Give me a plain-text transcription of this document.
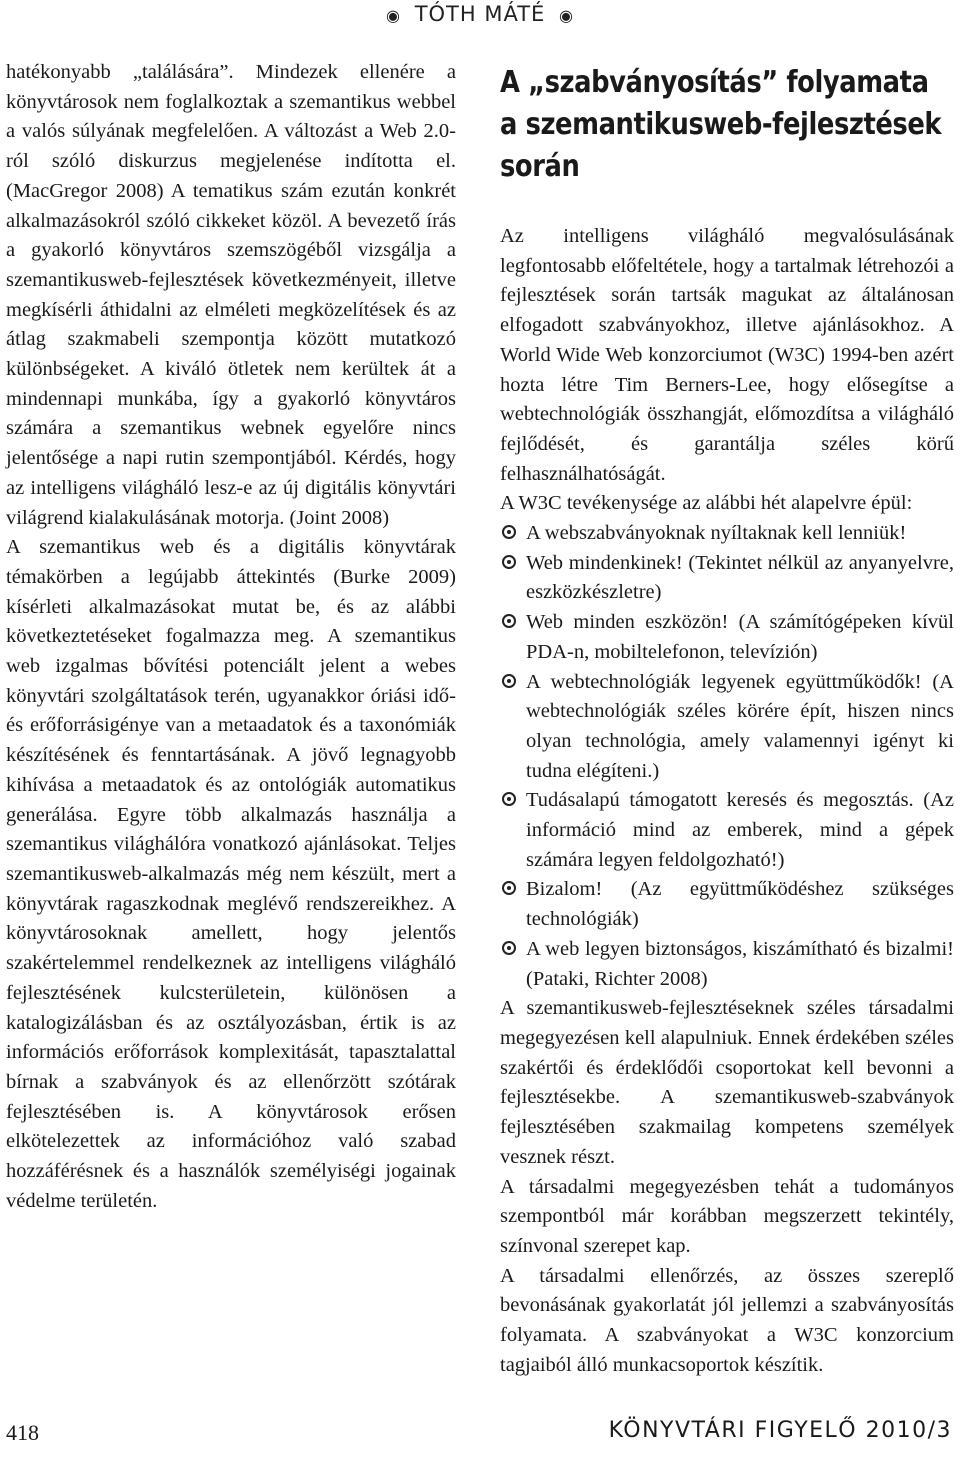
◉ TÓTH MÁTÉ ◉

hatékonyabb „találására”. Mindezek ellenére a könyvtárosok nem foglalkoztak a szemantikus webbel a valós súlyának megfelelően. A változást a Web 2.0-ról szóló diskurzus megjelenése indította el. (MacGregor 2008) A tematikus szám ezután konkrét alkalmazásokról szóló cikkeket közöl. A bevezető írás a gyakorló könyvtáros szemszögéből vizsgálja a szemantikusweb-fejlesztések következményeit, illetve megkísérli áthidalni az elméleti megközelítések és az átlag szakmabeli szempontja között mutatkozó különbségeket. A kiváló ötletek nem kerültek át a mindennapi munkába, így a gyakorló könyvtáros számára a szemantikus webnek egyelőre nincs jelentősége a napi rutin szempontjából. Kérdés, hogy az intelligens világháló lesz-e az új digitális könyvtári világrend kialakulásának motorja. (Joint 2008)

A szemantikus web és a digitális könyvtárak témakörben a legújabb áttekintés (Burke 2009) kísérleti alkalmazásokat mutat be, és az alábbi következtetéseket fogalmazza meg. A szemantikus web izgalmas bővítési potenciált jelent a webes könyvtári szolgáltatások terén, ugyanakkor óriási idő- és erőforrásigénye van a metaadatok és a taxonómiák készítésének és fenntartásának. A jövő legnagyobb kihívása a metaadatok és az ontológiák automatikus generálása. Egyre több alkalmazás használja a szemantikus világhálóra vonatkozó ajánlásokat. Teljes szemantikusweb-alkalmazás még nem készült, mert a könyvtárak ragaszkodnak meglévő rendszereikhez. A könyvtárosoknak amellett, hogy jelentős szakértelemmel rendelkeznek az intelligens világháló fejlesztésének kulcsterületein, különösen a katalogizálásban és az osztályozásban, értik is az információs erőforrások komplexitását, tapasztalattal bírnak a szabványok és az ellenőrzött szótárak fejlesztésében is. A könyvtárosok erősen elkötelezettek az információhoz való szabad hozzáférésnek és a használók személyiségi jogainak védelme területén.

A „szabványosítás” folyamata a szemantikusweb-fejlesztések során

Az intelligens világháló megvalósulásának legfontosabb előfeltétele, hogy a tartalmak létrehozói a fejlesztések során tartsák magukat az általánosan elfogadott szabványokhoz, illetve ajánlásokhoz. A World Wide Web konzorciumot (W3C) 1994-ben azért hozta létre Tim Berners-Lee, hogy elősegítse a webtechnológiák összhangját, előmozdítsa a világháló fejlődését, és garantálja széles körű felhasználhatóságát.

A W3C tevékenysége az alábbi hét alapelvre épül:

A webszabványoknak nyíltaknak kell lenniük!
Web mindenkinek! (Tekintet nélkül az anyanyelvre, eszközkészletre)
Web minden eszközön! (A számítógépeken kívül PDA-n, mobiltelefonon, televízión)
A webtechnológiák legyenek együttműködők! (A webtechnológiák széles körére épít, hiszen nincs olyan technológia, amely valamennyi igényt ki tudna elégíteni.)
Tudásalapú támogatott keresés és megosztás. (Az információ mind az emberek, mind a gépek számára legyen feldolgozható!)
Bizalom! (Az együttműködéshez szükséges technológiák)
A web legyen biztonságos, kiszámítható és bizalmi! (Pataki, Richter 2008)

A szemantikusweb-fejlesztéseknek széles társadalmi megegyezésen kell alapulniuk. Ennek érdekében széles szakértői és érdeklődői csoportokat kell bevonni a fejlesztésekbe. A szemantikusweb-szabványok fejlesztésében szakmailag kompetens személyek vesznek részt.

A társadalmi megegyezésben tehát a tudományos szempontból már korábban megszerzett tekintély, színvonal szerepet kap.

A társadalmi ellenőrzés, az összes szereplő bevonásának gyakorlatát jól jellemzi a szabványosítás folyamata. A szabványokat a W3C konzorcium tagjaiból álló munkacsoportok készítik.

418	KÖNYVTÁRI FIGYELŐ 2010/3
